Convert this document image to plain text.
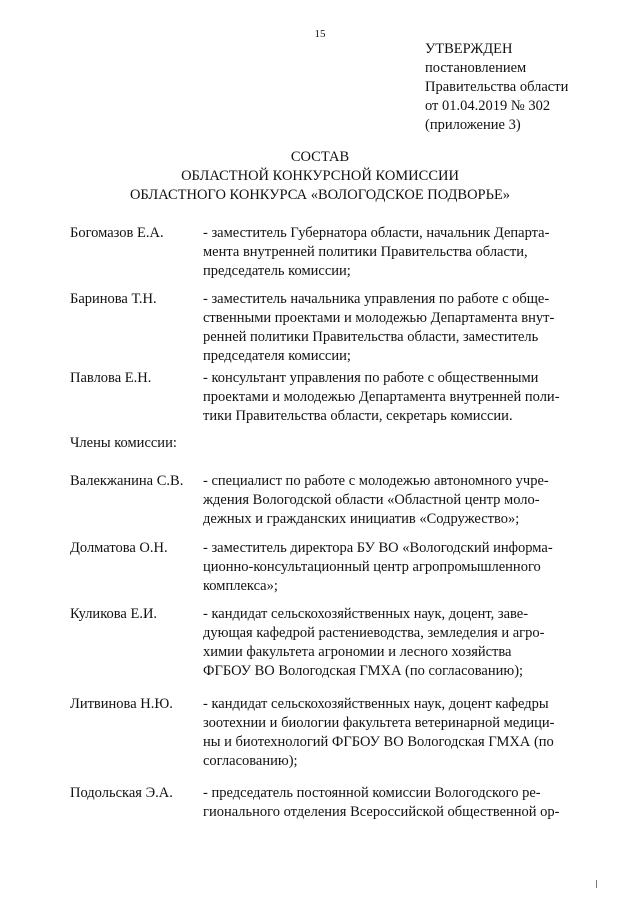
15
УТВЕРЖДЕН
постановлением
Правительства области
от 01.04.2019 № 302
(приложение 3)
СОСТАВ
ОБЛАСТНОЙ КОНКУРСНОЙ КОМИССИИ
ОБЛАСТНОГО КОНКУРСА «ВОЛОГОДСКОЕ ПОДВОРЬЕ»
Богомазов Е.А.	- заместитель Губернатора области, начальник Департа-
мента внутренней политики Правительства области,
председатель комиссии;
Баринова Т.Н.	- заместитель начальника управления по работе с обще-
ственными проектами и молодежью Департамента внут-
ренней политики Правительства области, заместитель
председателя комиссии;
Павлова Е.Н.	- консультант управления по работе с общественными
проектами и молодежью Департамента внутренней поли-
тики Правительства области, секретарь комиссии.
Члены комиссии:
Валекжанина С.В. - специалист по работе с молодежью автономного учре-
ждения Вологодской области «Областной центр моло-
дежных и гражданских инициатив «Содружество»;
Долматова О.Н. - заместитель директора БУ ВО «Вологодский информа-
ционно-консультационный центр агропромышленного
комплекса»;
Куликова Е.И.	- кандидат сельскохозяйственных наук, доцент, заве-
дующая кафедрой растениеводства, земледелия и агро-
химии факультета агрономии и лесного хозяйства
ФГБОУ ВО Вологодская ГМХА (по согласованию);
Литвинова Н.Ю. - кандидат сельскохозяйственных наук, доцент кафедры
зоотехнии и биологии факультета ветеринарной медици-
ны и биотехнологий ФГБОУ ВО Вологодская ГМХА (по
согласованию);
Подольская Э.А. - председатель постоянной комиссии Вологодского ре-
гионального отделения Всероссийской общественной ор-
